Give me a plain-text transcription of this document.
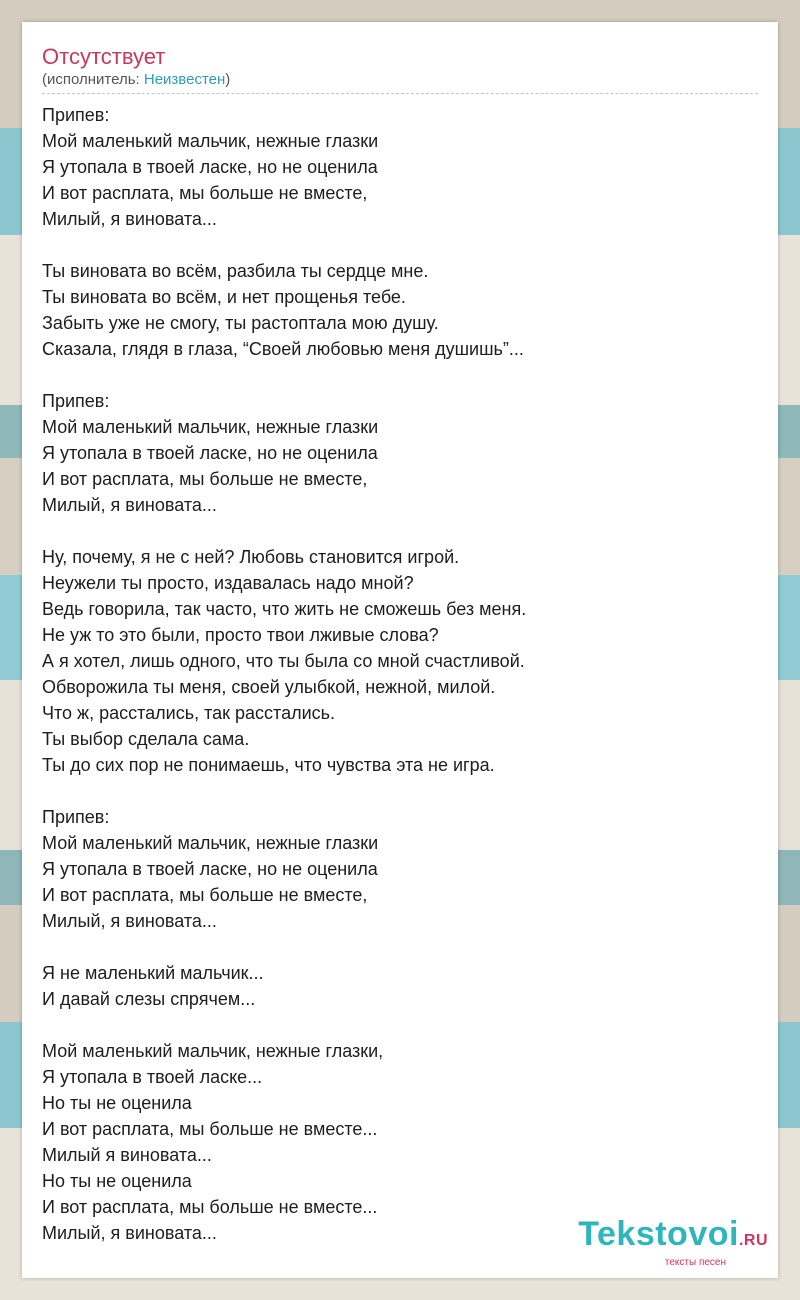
Отсутствует
(исполнитель: Неизвестен)
Припев:
Мой маленький мальчик, нежные глазки
Я утопала в твоей ласке, но не оценила
И вот расплата, мы больше не вместе,
Милый, я виновата...
Ты виновата во всём, разбила ты сердце мне.
Ты виновата во всём, и нет прощенья тебе.
Забыть уже не смогу, ты растоптала мою душу.
Сказала, глядя в глаза, “Своей любовью меня душишь”...
Припев:
Мой маленький мальчик, нежные глазки
Я утопала в твоей ласке, но не оценила
И вот расплата, мы больше не вместе,
Милый, я виновата...
Ну, почему, я не с ней? Любовь становится игрой.
Неужели ты просто, издавалась надо мной?
Ведь говорила, так часто, что жить не сможешь без меня.
Не уж то это были, просто твои лживые слова?
А я хотел, лишь одного, что ты была со мной счастливой.
Обворожила ты меня, своей улыбкой, нежной, милой.
Что ж, расстались, так расстались.
Ты выбор сделала сама.
Ты до сих пор не понимаешь, что чувства эта не игра.
Припев:
Мой маленький мальчик, нежные глазки
Я утопала в твоей ласке, но не оценила
И вот расплата, мы больше не вместе,
Милый, я виновата...
Я не маленький мальчик...
И давай слезы спрячем...
Мой маленький мальчик, нежные глазки,
Я утопала в твоей ласке...
Но ты не оценила
И вот расплата, мы больше не вместе...
Милый я виновата...
Но ты не оценила
И вот расплата, мы больше не вместе...
Милый, я виновата...	Tekstovoi.RU
тексты песен
